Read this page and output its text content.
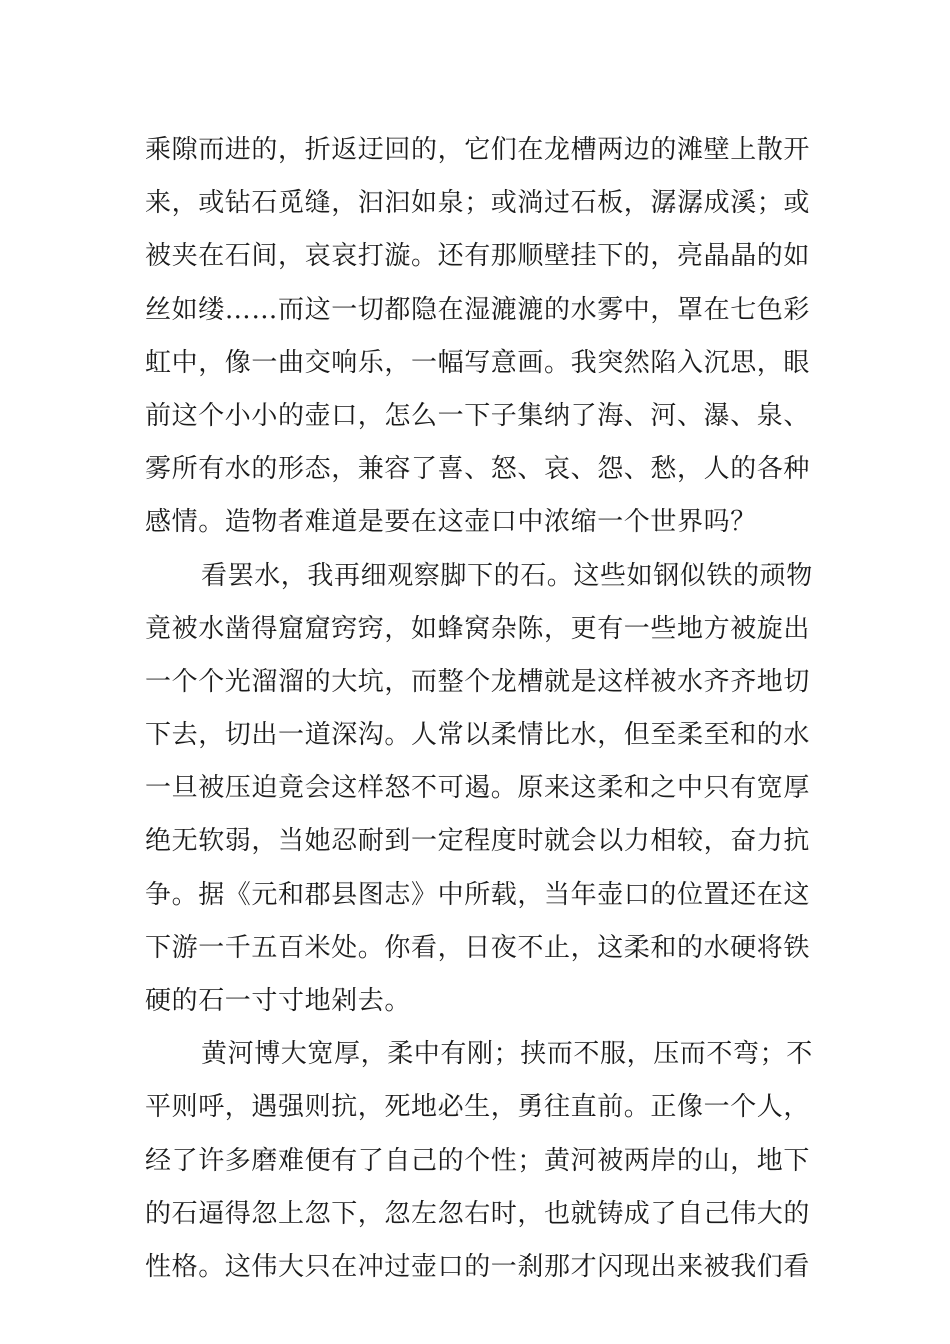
乘隙而进的，折返迂回的，它们在龙槽两边的滩壁上散开
来，或钻石觅缝，汩汩如泉；或淌过石板，潺潺成溪；或
被夹在石间，哀哀打漩。还有那顺壁挂下的，亮晶晶的如
丝如缕……而这一切都隐在湿漉漉的水雾中，罩在七色彩
虹中，像一曲交响乐，一幅写意画。我突然陷入沉思，眼
前这个小小的壶口，怎么一下子集纳了海、河、瀑、泉、
雾所有水的形态，兼容了喜、怒、哀、怨、愁，人的各种
感情。造物者难道是要在这壶口中浓缩一个世界吗？
看罢水，我再细观察脚下的石。这些如钢似铁的顽物
竟被水凿得窟窟窍窍，如蜂窝杂陈，更有一些地方被旋出
一个个光溜溜的大坑，而整个龙槽就是这样被水齐齐地切
下去，切出一道深沟。人常以柔情比水，但至柔至和的水
一旦被压迫竟会这样怒不可遏。原来这柔和之中只有宽厚
绝无软弱，当她忍耐到一定程度时就会以力相较，奋力抗
争。据《元和郡县图志》中所载，当年壶口的位置还在这
下游一千五百米处。你看，日夜不止，这柔和的水硬将铁
硬的石一寸寸地剁去。
黄河博大宽厚，柔中有刚；挟而不服，压而不弯；不
平则呼，遇强则抗，死地必生，勇往直前。正像一个人，
经了许多磨难便有了自己的个性；黄河被两岸的山，地下
的石逼得忽上忽下，忽左忽右时，也就铸成了自己伟大的
性格。这伟大只在冲过壶口的一刹那才闪现出来被我们看
